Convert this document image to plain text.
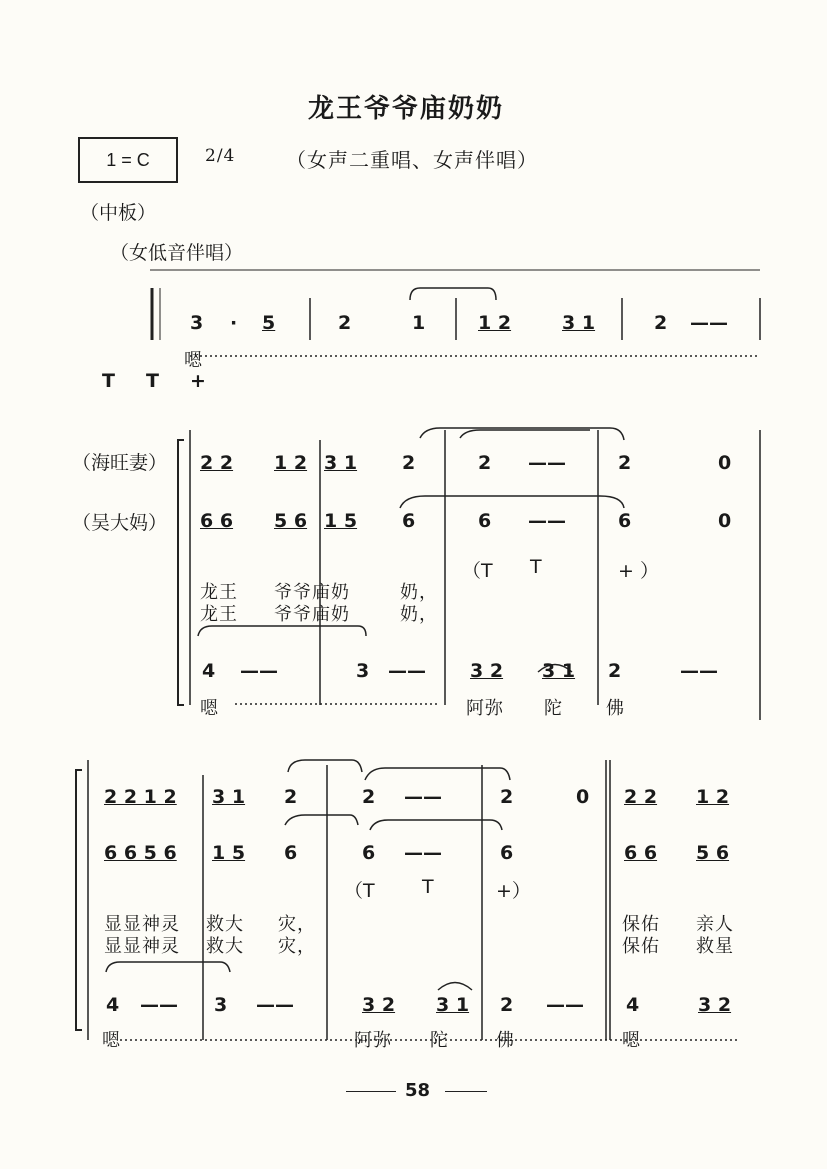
龙王爷爷庙奶奶
1 = C	2/4	（女声二重唱、女声伴唱）
（中板）
（女低音伴唱）
3 · 5	2	1	1 2	3 1	2 ——
嗯
T T +
（海旺妻）
（吴大妈）
2 2 1 2 3 1 2	2 ——	2	0
6 6 5 6 1 5 6	6 ——	6	0
（T T	+ ）
龙王 爷爷庙奶	奶，
龙王 爷爷庙奶	奶，
4 ——	3 —— 3 2 3 1 2	——
嗯	阿弥 陀 佛
2 2 1 2 3 1 2	2 ——	2	0 2 2 1 2
6 6 5 6 1 5 6	6 ——	6	6 6 5 6
（T T	+）
显显神灵 救大 灾，	保佑 亲人
显显神灵 救大 灾，	保佑 救星
4 —— 3 ——	3 2 3 1 2 —— 4	3 2
嗯	阿弥 陀	佛	嗯
58
